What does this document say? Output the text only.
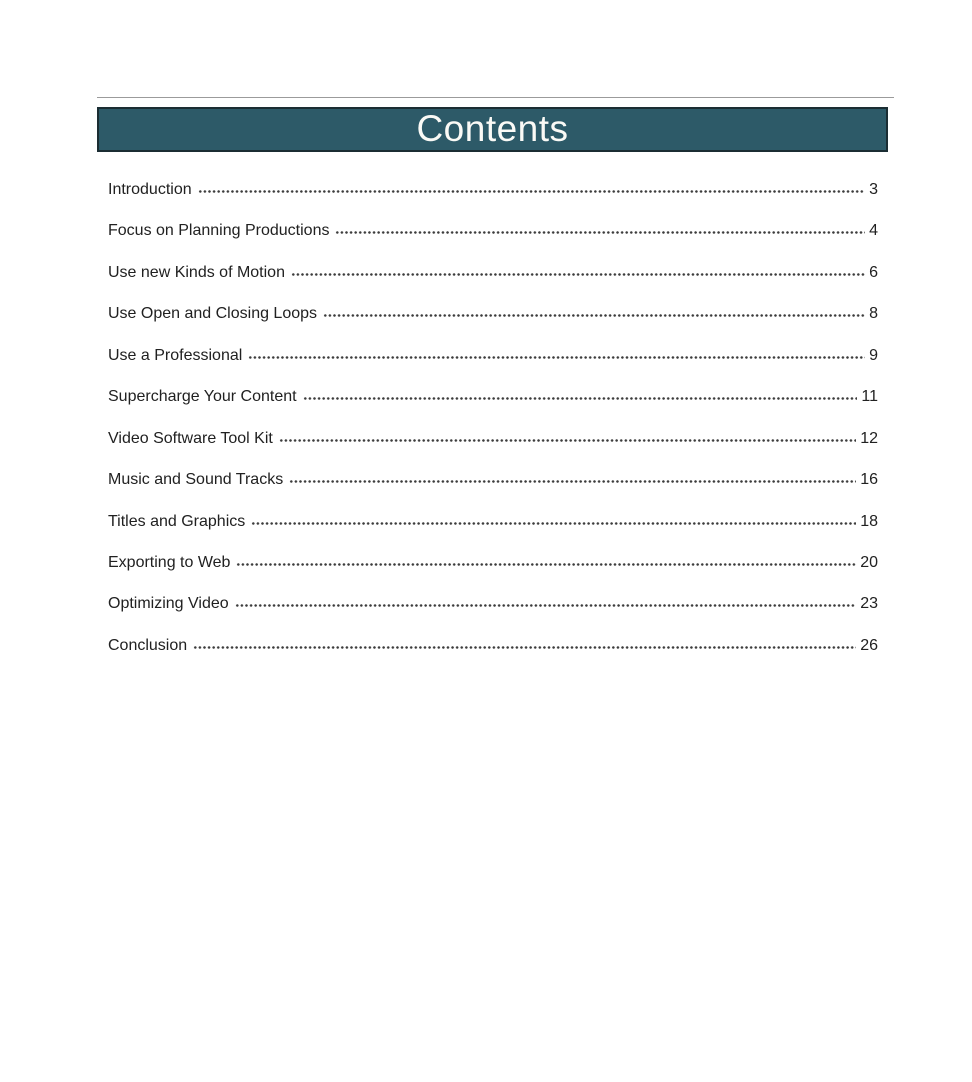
Contents
Introduction	3
Focus on Planning Productions	4
Use new Kinds of Motion	6
Use Open and Closing Loops	8
Use a Professional	9
Supercharge Your Content	11
Video Software Tool Kit	12
Music and Sound Tracks	16
Titles and Graphics	18
Exporting to Web	20
Optimizing Video	23
Conclusion	26
